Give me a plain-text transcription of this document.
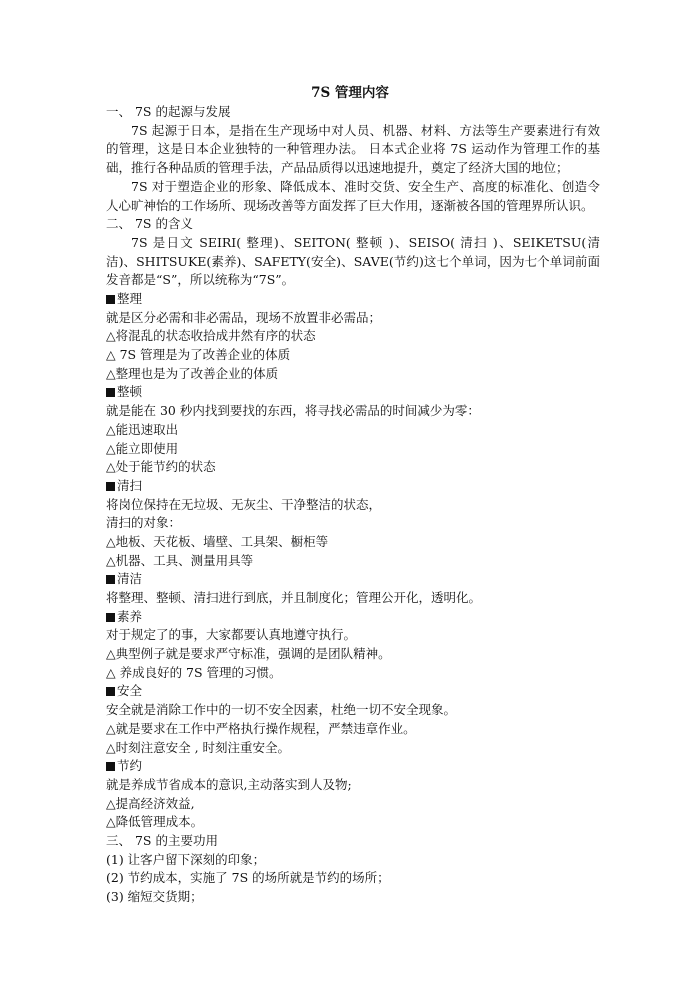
7S 管理内容
一、 7S 的起源与发展
7S 起源于日本，是指在生产现场中对人员、机器、材料、方法等生产要素进行有效的管理，这是日本企业独特的一种管理办法。 日本式企业将 7S 运动作为管理工作的基础，推行各种品质的管理手法，产品品质得以迅速地提升，奠定了经济大国的地位；
7S 对于塑造企业的形象、降低成本、准时交货、安全生产、高度的标准化、创造令人心旷神怡的工作场所、现场改善等方面发挥了巨大作用，逐渐被各国的管理界所认识。
二、 7S 的含义
7S 是日文 SEIRI( 整理)、SEITON( 整顿 )、SEISO( 清扫 )、SEIKETSU(清洁)、SHITSUKE(素养)、SAFETY(安全)、SAVE(节约)这七个单词，因为七个单词前面发音都是“S”，所以统称为“7S”。
整理
就是区分必需和非必需品，现场不放置非必需品；
△将混乱的状态收拾成井然有序的状态
△ 7S 管理是为了改善企业的体质
△整理也是为了改善企业的体质
整顿
就是能在 30 秒内找到要找的东西，将寻找必需品的时间减少为零：
△能迅速取出
△能立即使用
△处于能节约的状态
清扫
将岗位保持在无垃圾、无灰尘、干净整洁的状态，
清扫的对象：
△地板、天花板、墙壁、工具架、橱柜等
△机器、工具、测量用具等
清洁
将整理、整顿、清扫进行到底，并且制度化；管理公开化，透明化。
素养
对于规定了的事，大家都要认真地遵守执行。
△典型例子就是要求严守标准，强调的是团队精神。
△ 养成良好的 7S 管理的习惯。
安全
安全就是消除工作中的一切不安全因素，杜绝一切不安全现象。
△就是要求在工作中严格执行操作规程，严禁违章作业。
△时刻注意安全 , 时刻注重安全。
节约
就是养成节省成本的意识,主动落实到人及物;
△提高经济效益,
△降低管理成本。
三、 7S 的主要功用
(1) 让客户留下深刻的印象；
(2) 节约成本，实施了 7S 的场所就是节约的场所；
(3) 缩短交货期；
